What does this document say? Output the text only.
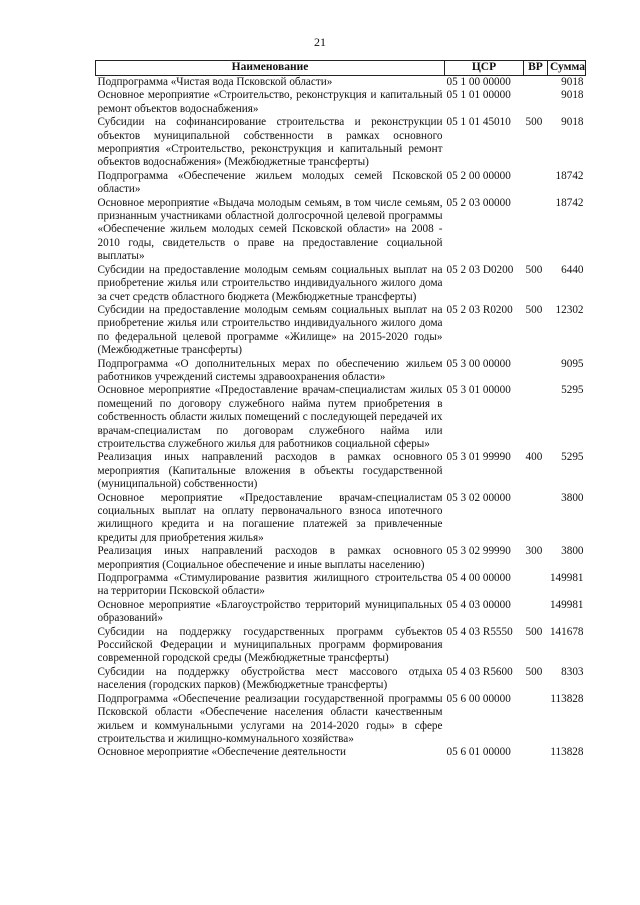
21
Наименование	ЦСР	ВР	Сумма
Подпрограмма «Чистая вода Псковской области»	05 1 00 00000		9018
Основное мероприятие «Строительство, реконструкция и капитальный ремонт объектов водоснабжения»	05 1 01 00000		9018
Субсидии на софинансирование строительства и реконструкции объектов муниципальной собственности в рамках основного мероприятия «Строительство, реконструкция и капитальный ремонт объектов водоснабжения» (Межбюджетные трансферты)	05 1 01 45010	500	9018
Подпрограмма «Обеспечение жильем молодых семей Псковской области»	05 2 00 00000		18742
Основное мероприятие «Выдача молодым семьям, в том числе семьям, признанным участниками областной долгосрочной целевой программы «Обеспечение жильем молодых семей Псковской области» на 2008 - 2010 годы, свидетельств о праве на предоставление социальной выплаты»	05 2 03 00000		18742
Субсидии на предоставление молодым семьям социальных выплат на приобретение жилья или строительство индивидуального жилого дома за счет средств областного бюджета (Межбюджетные трансферты)	05 2 03 D0200	500	6440
Субсидии на предоставление молодым семьям социальных выплат на приобретение жилья или строительство индивидуального жилого дома по федеральной целевой программе «Жилище» на 2015-2020 годы» (Межбюджетные трансферты)	05 2 03 R0200	500	12302
Подпрограмма «О дополнительных мерах по обеспечению жильем работников учреждений системы здравоохранения области»	05 3 00 00000		9095
Основное мероприятие «Предоставление врачам-специалистам жилых помещений по договору служебного найма путем приобретения в собственность области жилых помещений с последующей передачей их врачам-специалистам по договорам служебного найма или строительства служебного жилья для работников социальной сферы»	05 3 01 00000		5295
Реализация иных направлений расходов в рамках основного мероприятия (Капитальные вложения в объекты государственной (муниципальной) собственности)	05 3 01 99990	400	5295
Основное мероприятие «Предоставление врачам-специалистам социальных выплат на оплату первоначального взноса ипотечного жилищного кредита и на погашение платежей за привлеченные кредиты для приобретения жилья»	05 3 02 00000		3800
Реализация иных направлений расходов в рамках основного мероприятия (Социальное обеспечение и иные выплаты населению)	05 3 02 99990	300	3800
Подпрограмма «Стимулирование развития жилищного строительства на территории Псковской области»	05 4 00 00000		149981
Основное мероприятие «Благоустройство территорий муниципальных образований»	05 4 03 00000		149981
Субсидии на поддержку государственных программ субъектов Российской Федерации и муниципальных программ формирования современной городской среды (Межбюджетные трансферты)	05 4 03 R5550	500	141678
Субсидии на поддержку обустройства мест массового отдыха населения (городских парков) (Межбюджетные трансферты)	05 4 03 R5600	500	8303
Подпрограмма «Обеспечение реализации государственной программы Псковской области «Обеспечение населения области качественным жильем и коммунальными услугами на 2014-2020 годы» в сфере строительства и жилищно-коммунального хозяйства»	05 6 00 00000		113828
Основное мероприятие «Обеспечение деятельности	05 6 01 00000		113828
